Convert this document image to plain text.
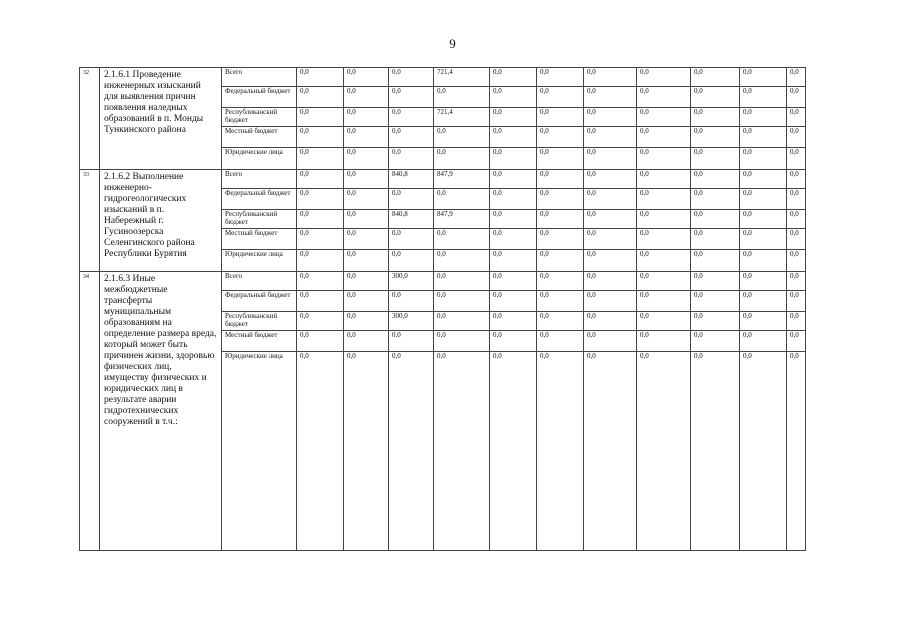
9
32	2.1.6.1 Проведение инженерных изысканий для выявления причин появления наледных образований в п. Монды Тункинского района	Всего	0,0	0,0	0,0	721,4	0,0	0,0	0,0	0,0	0,0	0,0	0,0
		Федеральный бюджет	0,0	0,0	0,0	0,0	0,0	0,0	0,0	0,0	0,0	0,0	0,0
		Республиканский бюджет	0,0	0,0	0,0	721,4	0,0	0,0	0,0	0,0	0,0	0,0	0,0
		Местный бюджет	0,0	0,0	0,0	0,0	0,0	0,0	0,0	0,0	0,0	0,0	0,0
		Юридические лица	0,0	0,0	0,0	0,0	0,0	0,0	0,0	0,0	0,0	0,0	0,0
33	2.1.6.2 Выполнение инженерно-гидрогеологических изысканий в п. Набережный г. Гусиноозерска Селенгинского района Республики Бурятия	Всего	0,0	0,0	840,8	847,9	0,0	0,0	0,0	0,0	0,0	0,0	0,0
		Федеральный бюджет	0,0	0,0	0,0	0,0	0,0	0,0	0,0	0,0	0,0	0,0	0,0
		Республиканский бюджет	0,0	0,0	840,8	847,9	0,0	0,0	0,0	0,0	0,0	0,0	0,0
		Местный бюджет	0,0	0,0	0,0	0,0	0,0	0,0	0,0	0,0	0,0	0,0	0,0
		Юридические лица	0,0	0,0	0,0	0,0	0,0	0,0	0,0	0,0	0,0	0,0	0,0
34	2.1.6.3 Иные межбюджетные трансферты муниципальным образованиям на определение размера вреда, который может быть причинен жизни, здоровью физических лиц, имуществу физических и юридических лиц в результате аварии гидротехнических сооружений в т.ч.:	Всего	0,0	0,0	300,0	0,0	0,0	0,0	0,0	0,0	0,0	0,0	0,0
		Федеральный бюджет	0,0	0,0	0,0	0,0	0,0	0,0	0,0	0,0	0,0	0,0	0,0
		Республиканский бюджет	0,0	0,0	300,0	0,0	0,0	0,0	0,0	0,0	0,0	0,0	0,0
		Местный бюджет	0,0	0,0	0,0	0,0	0,0	0,0	0,0	0,0	0,0	0,0	0,0
		Юридические лица	0,0	0,0	0,0	0,0	0,0	0,0	0,0	0,0	0,0	0,0	0,0
